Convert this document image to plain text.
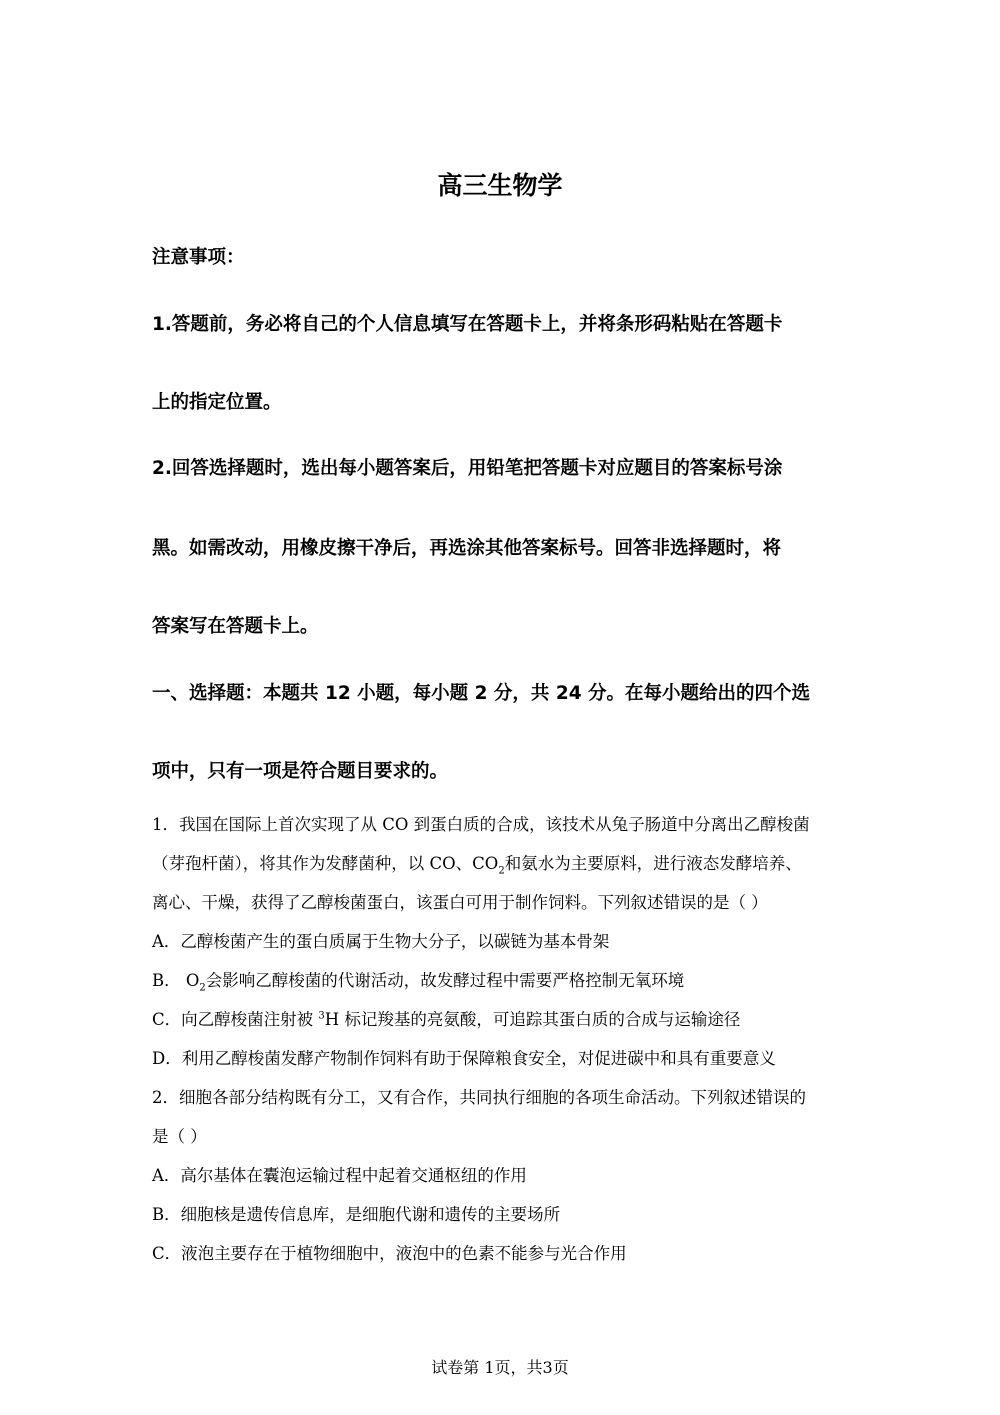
高三生物学
注意事项：
1.答题前，务必将自己的个人信息填写在答题卡上，并将条形码粘贴在答题卡
上的指定位置。
2.回答选择题时，选出每小题答案后，用铅笔把答题卡对应题目的答案标号涂
黑。如需改动，用橡皮擦干净后，再选涂其他答案标号。回答非选择题时，将
答案写在答题卡上。
一、选择题：本题共 12 小题，每小题 2 分，共 24 分。在每小题给出的四个选
项中，只有一项是符合题目要求的。
1．我国在国际上首次实现了从 CO 到蛋白质的合成，该技术从兔子肠道中分离出乙醇梭菌
（芽孢杆菌），将其作为发酵菌种，以 CO、$CO_2$和氨水为主要原料，进行液态发酵培养、
离心、干燥，获得了乙醇梭菌蛋白，该蛋白可用于制作饲料。下列叙述错误的是（ ）
A．乙醇梭菌产生的蛋白质属于生物大分子，以碳链为基本骨架
B． $O_2$会影响乙醇梭菌的代谢活动，故发酵过程中需要严格控制无氧环境
C．向乙醇梭菌注射被 $^3$H 标记羧基的亮氨酸，可追踪其蛋白质的合成与运输途径
D．利用乙醇梭菌发酵产物制作饲料有助于保障粮食安全，对促进碳中和具有重要意义
2．细胞各部分结构既有分工，又有合作，共同执行细胞的各项生命活动。下列叙述错误的
是（ ）
A．高尔基体在囊泡运输过程中起着交通枢纽的作用
B．细胞核是遗传信息库，是细胞代谢和遗传的主要场所
C．液泡主要存在于植物细胞中，液泡中的色素不能参与光合作用
试卷第 1页，共3页
